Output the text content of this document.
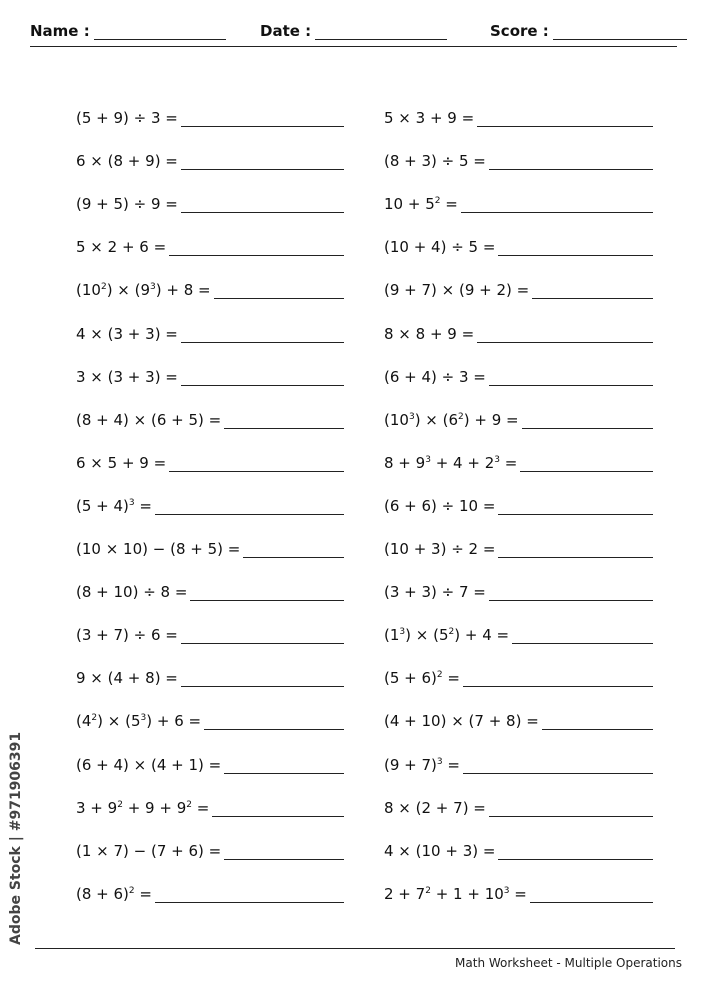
Name :	Date :	Score :
(5 + 9) ÷ 3 =
6 × (8 + 9) =
(9 + 5) ÷ 9 =
5 × 2 + 6 =
$(10^2) \times (9^3) + 8$ =
4 × (3 + 3) =
3 × (3 + 3) =
(8 + 4) × (6 + 5) =
6 × 5 + 9 =
$(5 + 4)^3$ =
(10 × 10) − (8 + 5) =
(8 + 10) ÷ 8 =
(3 + 7) ÷ 6 =
9 × (4 + 8) =
$(4^2) \times (5^3) + 6$ =
(6 + 4) × (4 + 1) =
$3 + 9^2 + 9 + 9^2$ =
(1 × 7) − (7 + 6) =
$(8 + 6)^2$ =
5 × 3 + 9 =
(8 + 3) ÷ 5 =
$10 + 5^2$ =
(10 + 4) ÷ 5 =
(9 + 7) × (9 + 2) =
8 × 8 + 9 =
(6 + 4) ÷ 3 =
$(10^3) \times (6^2) + 9$ =
$8 + 9^3 + 4 + 2^3$ =
(6 + 6) ÷ 10 =
(10 + 3) ÷ 2 =
(3 + 3) ÷ 7 =
$(1^3) \times (5^2) + 4$ =
$(5 + 6)^2$ =
(4 + 10) × (7 + 8) =
$(9 + 7)^3$ =
8 × (2 + 7) =
4 × (10 + 3) =
$2 + 7^2 + 1 + 10^3$ =
Adobe Stock | #971906391
Math Worksheet - Multiple Operations
